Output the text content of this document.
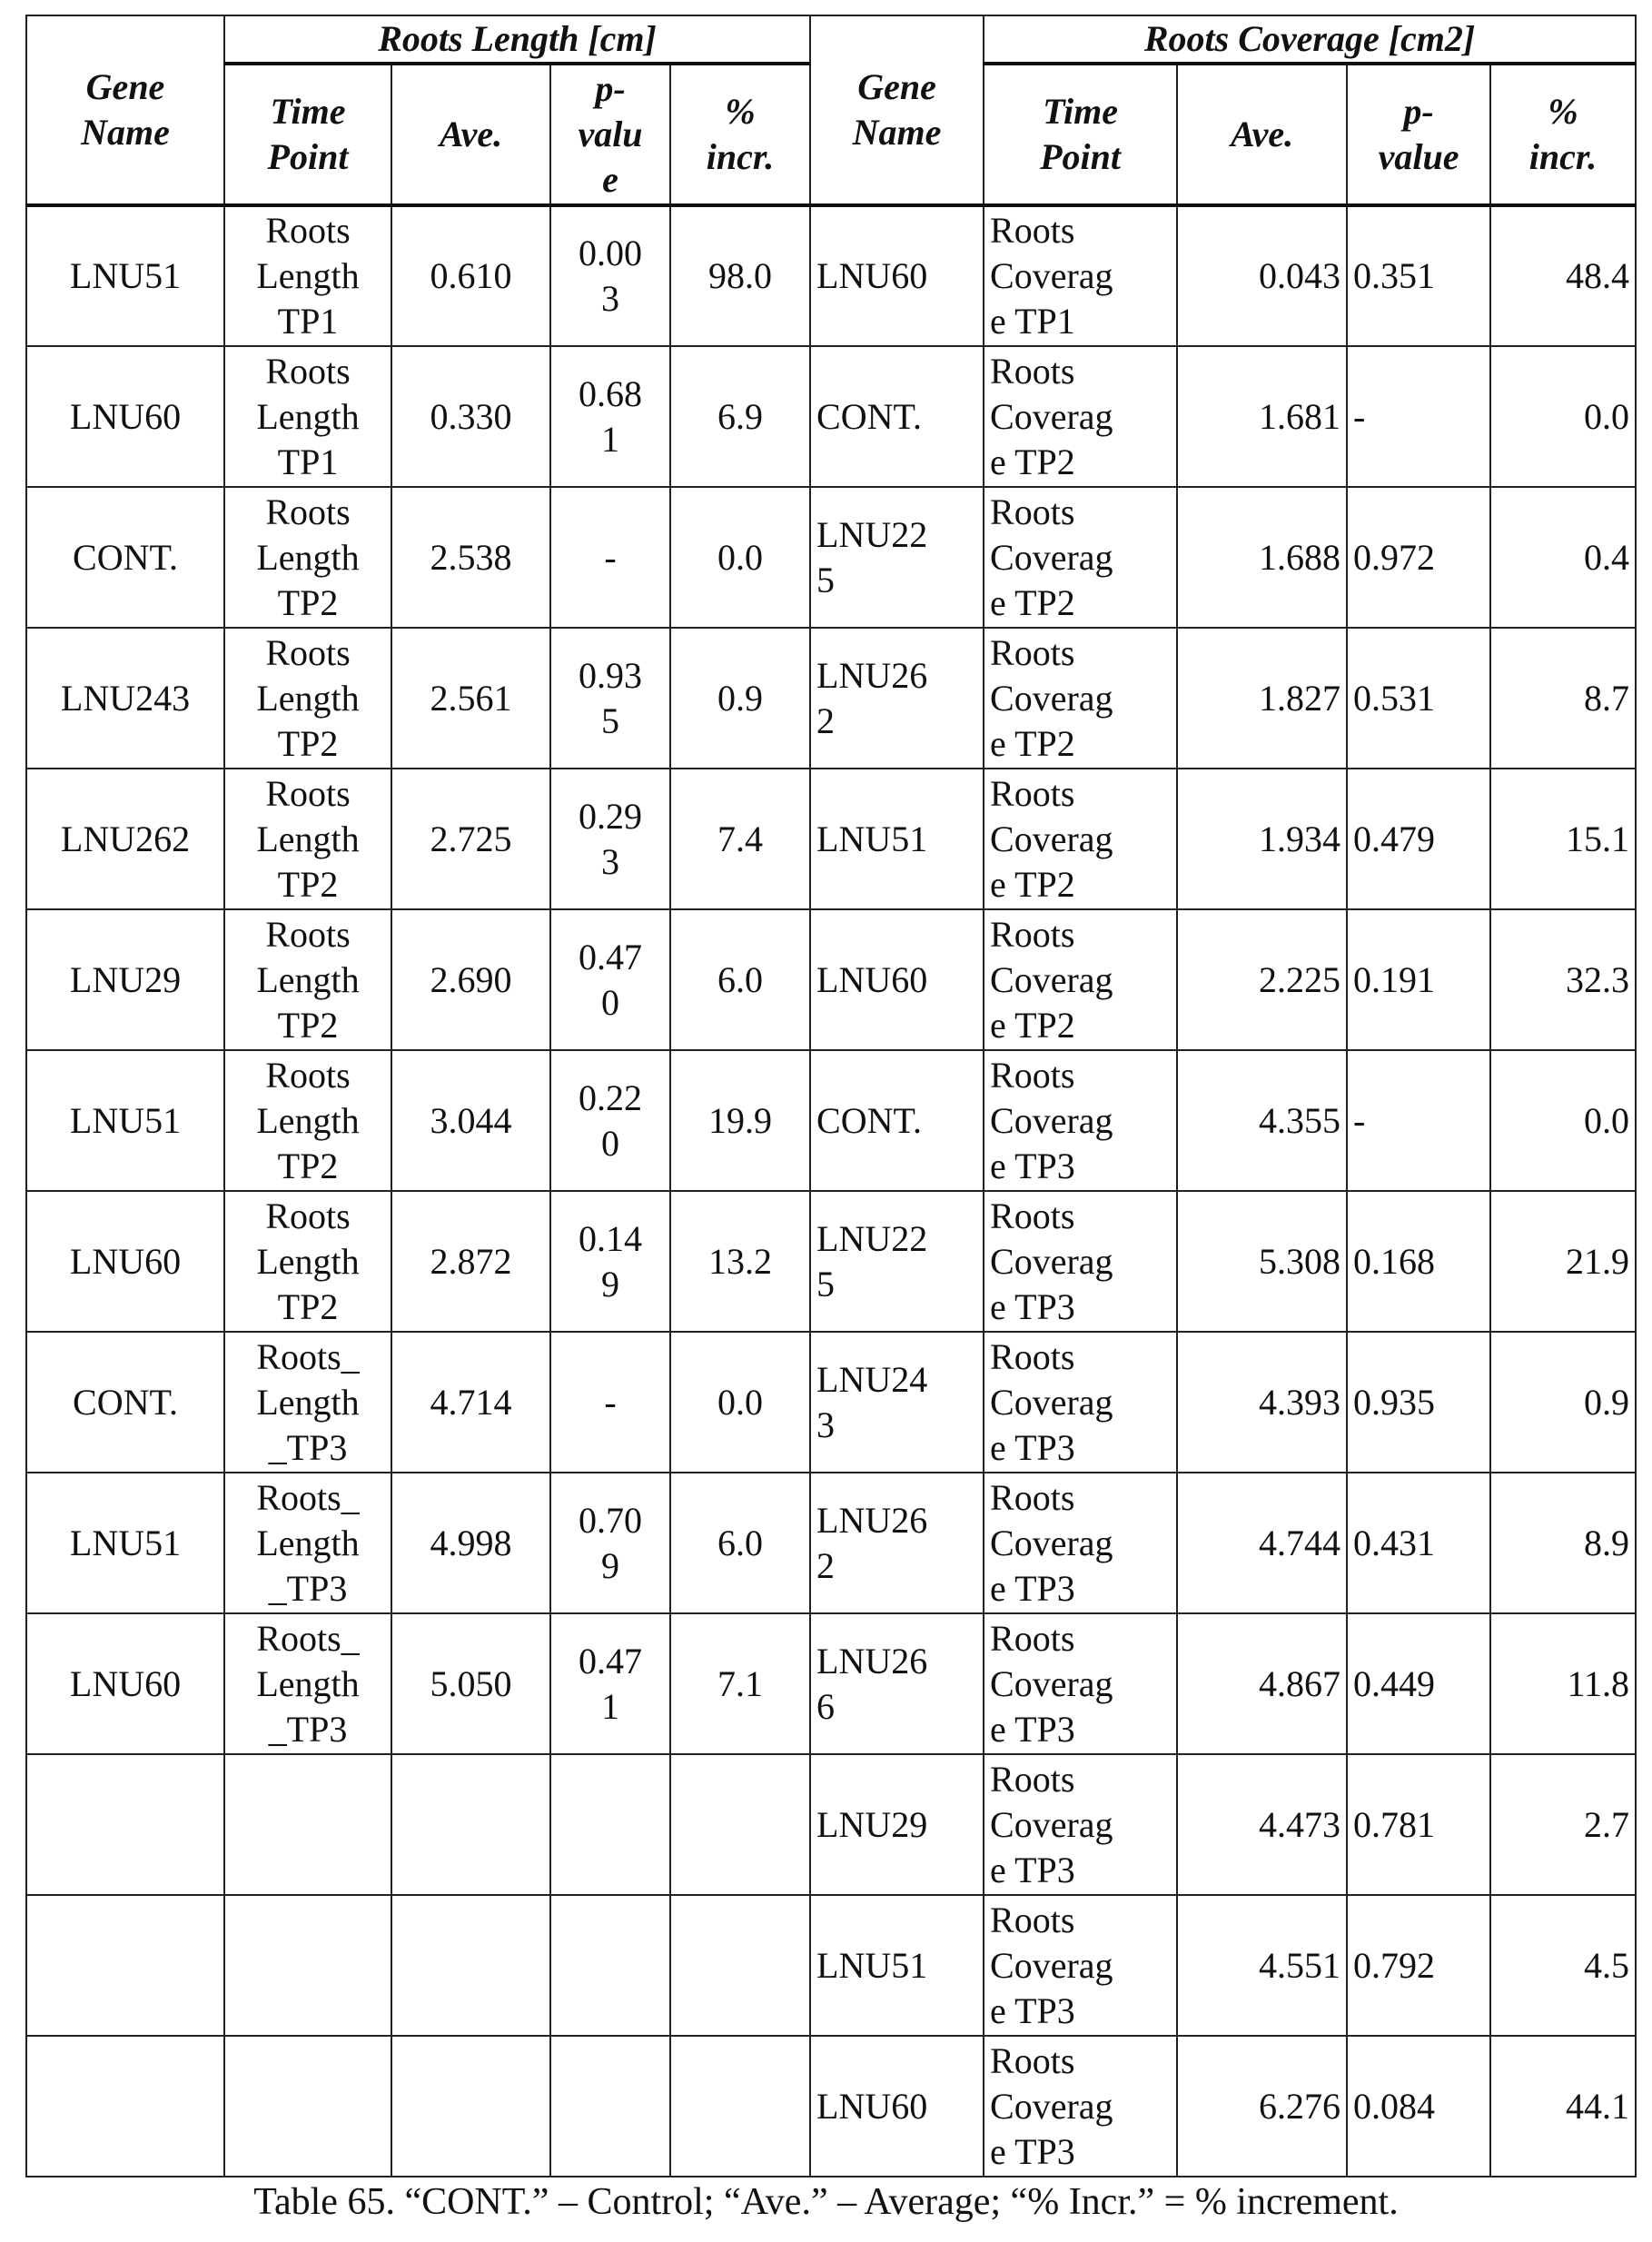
Gene
Name	Roots Length [cm]	Gene
Name	Roots Coverage [cm2]
Time
Point	Ave.	p-
valu
e	%
incr.	Time
Point	Ave.	p-
value	%
incr.
LNU51	Roots
Length
TP1	0.610	0.00
3	98.0	LNU60	Roots
Coverag
e TP1	0.043	0.351	48.4
LNU60	Roots
Length
TP1	0.330	0.68
1	6.9	CONT.	Roots
Coverag
e TP2	1.681	-	0.0
CONT.	Roots
Length
TP2	2.538	-	0.0	LNU22
5	Roots
Coverag
e TP2	1.688	0.972	0.4
LNU243	Roots
Length
TP2	2.561	0.93
5	0.9	LNU26
2	Roots
Coverag
e TP2	1.827	0.531	8.7
LNU262	Roots
Length
TP2	2.725	0.29
3	7.4	LNU51	Roots
Coverag
e TP2	1.934	0.479	15.1
LNU29	Roots
Length
TP2	2.690	0.47
0	6.0	LNU60	Roots
Coverag
e TP2	2.225	0.191	32.3
LNU51	Roots
Length
TP2	3.044	0.22
0	19.9	CONT.	Roots
Coverag
e TP3	4.355	-	0.0
LNU60	Roots
Length
TP2	2.872	0.14
9	13.2	LNU22
5	Roots
Coverag
e TP3	5.308	0.168	21.9
CONT.	Roots_
Length
_TP3	4.714	-	0.0	LNU24
3	Roots
Coverag
e TP3	4.393	0.935	0.9
LNU51	Roots_
Length
_TP3	4.998	0.70
9	6.0	LNU26
2	Roots
Coverag
e TP3	4.744	0.431	8.9
LNU60	Roots_
Length
_TP3	5.050	0.47
1	7.1	LNU26
6	Roots
Coverag
e TP3	4.867	0.449	11.8
					LNU29	Roots
Coverag
e TP3	4.473	0.781	2.7
					LNU51	Roots
Coverag
e TP3	4.551	0.792	4.5
					LNU60	Roots
Coverag
e TP3	6.276	0.084	44.1
Table 65. “CONT.” – Control; “Ave.” – Average; “% Incr.” = % increment.
